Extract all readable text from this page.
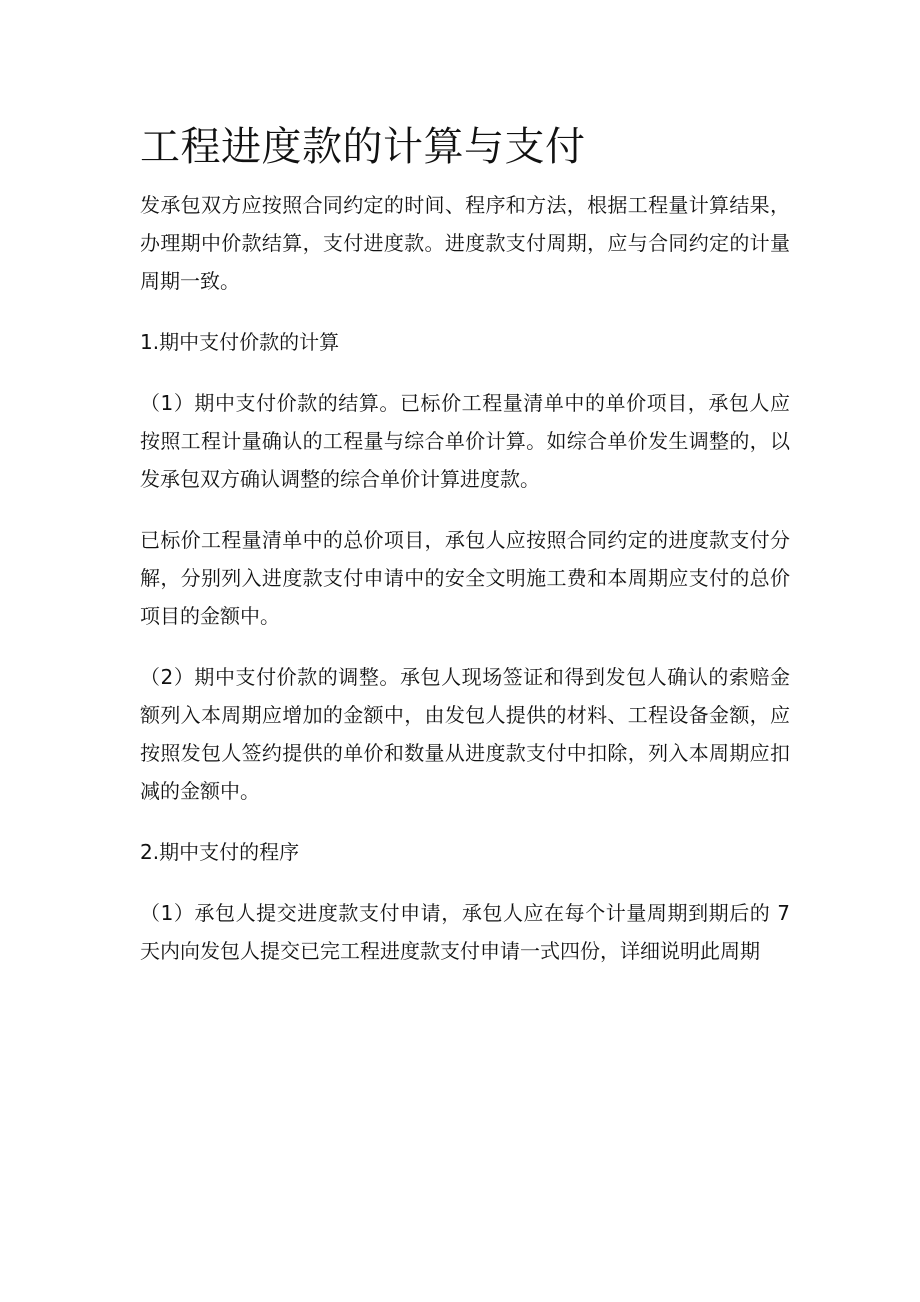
工程进度款的计算与支付

发承包双方应按照合同约定的时间、程序和方法，根据工程量计算结果，办理期中价款结算，支付进度款。进度款支付周期，应与合同约定的计量周期一致。

1.期中支付价款的计算

（1）期中支付价款的结算。已标价工程量清单中的单价项目，承包人应按照工程计量确认的工程量与综合单价计算。如综合单价发生调整的，以发承包双方确认调整的综合单价计算进度款。

已标价工程量清单中的总价项目，承包人应按照合同约定的进度款支付分解，分别列入进度款支付申请中的安全文明施工费和本周期应支付的总价项目的金额中。

（2）期中支付价款的调整。承包人现场签证和得到发包人确认的索赔金额列入本周期应增加的金额中，由发包人提供的材料、工程设备金额，应按照发包人签约提供的单价和数量从进度款支付中扣除，列入本周期应扣减的金额中。

2.期中支付的程序

（1）承包人提交进度款支付申请，承包人应在每个计量周期到期后的 7 天内向发包人提交已完工程进度款支付申请一式四份，详细说明此周期
